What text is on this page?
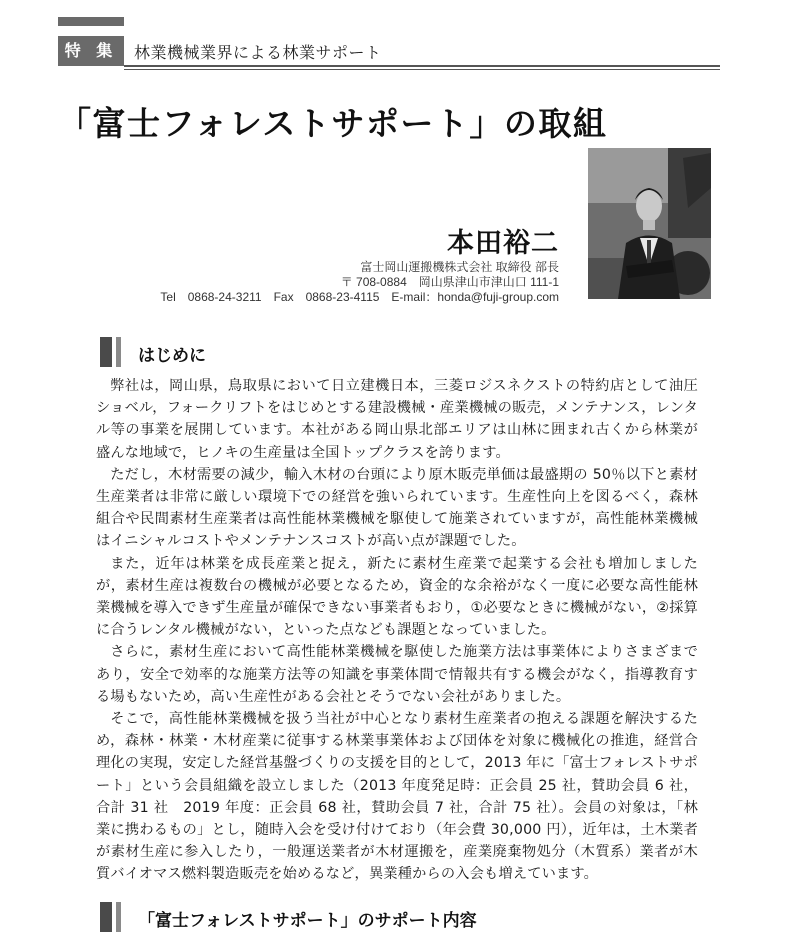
特 集	林業機械業界による林業サポート
「富士フォレストサポート」の取組
本田裕二
富士岡山運搬機株式会社 取締役 部長
〒 708-0884　岡山県津山市津山口 111-1
Tel　0868-24-3211　Fax　0868-23-4115　E-mail：honda@fuji-group.com
はじめに

弊社は，岡山県，鳥取県において日立建機日本，三菱ロジスネクストの特約店として油圧ショベル，フォークリフトをはじめとする建設機械・産業機械の販売，メンテナンス，レンタル等の事業を展開しています。本社がある岡山県北部エリアは山林に囲まれ古くから林業が盛んな地域で，ヒノキの生産量は全国トップクラスを誇ります。

ただし，木材需要の減少，輸入木材の台頭により原木販売単価は最盛期の 50％以下と素材生産業者は非常に厳しい環境下での経営を強いられています。生産性向上を図るべく，森林組合や民間素材生産業者は高性能林業機械を駆使して施業されていますが，高性能林業機械はイニシャルコストやメンテナンスコストが高い点が課題でした。

また，近年は林業を成長産業と捉え，新たに素材生産業で起業する会社も増加しましたが，素材生産は複数台の機械が必要となるため，資金的な余裕がなく一度に必要な高性能林業機械を導入できず生産量が確保できない事業者もおり，①必要なときに機械がない，②採算に合うレンタル機械がない，といった点なども課題となっていました。

さらに，素材生産において高性能林業機械を駆使した施業方法は事業体によりさまざまであり，安全で効率的な施業方法等の知識を事業体間で情報共有する機会がなく，指導教育する場もないため，高い生産性がある会社とそうでない会社がありました。

そこで，高性能林業機械を扱う当社が中心となり素材生産業者の抱える課題を解決するため，森林・林業・木材産業に従事する林業事業体および団体を対象に機械化の推進，経営合理化の実現，安定した経営基盤づくりの支援を目的として，2013 年に「富士フォレストサポート」という会員組織を設立しました（2013 年度発足時：正会員 25 社，賛助会員 6 社，合計 31 社　2019 年度：正会員 68 社，賛助会員 7 社，合計 75 社）。会員の対象は，「林業に携わるもの」とし，随時入会を受け付けており（年会費 30,000 円），近年は，土木業者が素材生産に参入したり，一般運送業者が木材運搬を，産業廃棄物処分（木質系）業者が木質バイオマス燃料製造販売を始めるなど，異業種からの入会も増えています。

「富士フォレストサポート」のサポート内容
